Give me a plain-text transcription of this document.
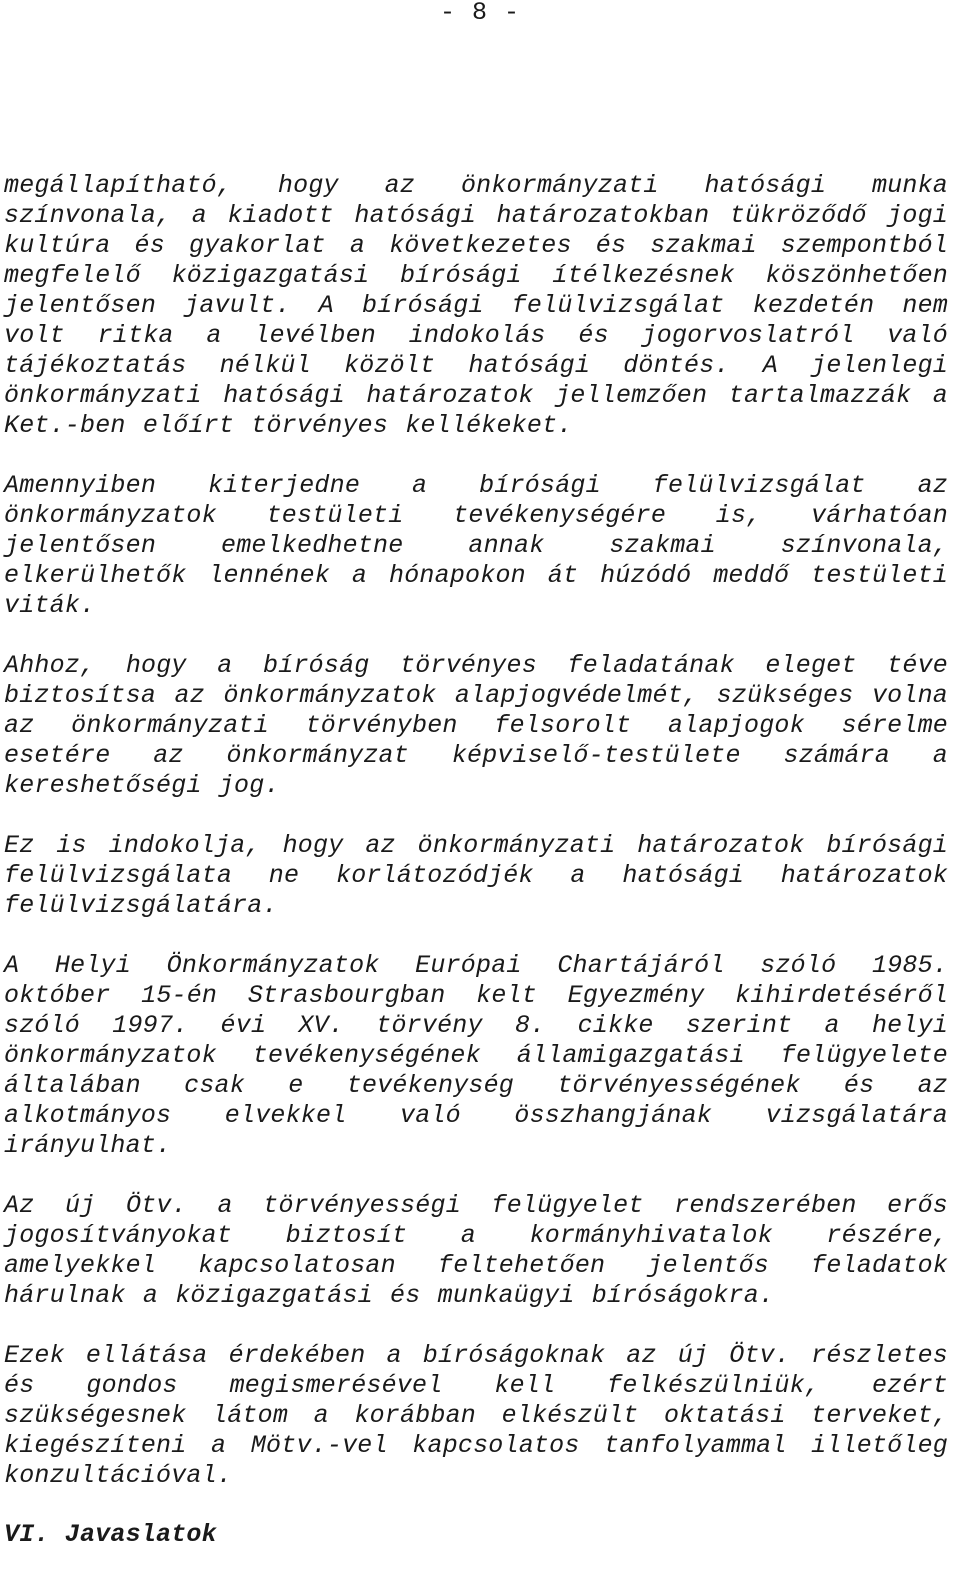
- 8 -

megállapítható, hogy az önkormányzati hatósági munka színvonala, a kiadott hatósági határozatokban tükröződő jogi kultúra és gyakorlat a következetes és szakmai szempontból megfelelő közigazgatási bírósági ítélkezésnek köszönhetően jelentősen javult. A bírósági felülvizsgálat kezdetén nem volt ritka a levélben indokolás és jogorvoslatról való tájékoztatás nélkül közölt hatósági döntés. A jelenlegi önkormányzati hatósági határozatok jellemzően tartalmazzák a Ket.-ben előírt törvényes kellékeket.

Amennyiben kiterjedne a bírósági felülvizsgálat az önkormányzatok testületi tevékenységére is, várhatóan jelentősen emelkedhetne annak szakmai színvonala, elkerülhetők lennének a hónapokon át húzódó meddő testületi viták.

Ahhoz, hogy a bíróság törvényes feladatának eleget téve biztosítsa az önkormányzatok alapjogvédelmét, szükséges volna az önkormányzati törvényben felsorolt alapjogok sérelme esetére az önkormányzat képviselő-testülete számára a kereshetőségi jog.

Ez is indokolja, hogy az önkormányzati határozatok bírósági felülvizsgálata ne korlátozódjék a hatósági határozatok felülvizsgálatára.

A Helyi Önkormányzatok Európai Chartájáról szóló 1985. október 15-én Strasbourgban kelt Egyezmény kihirdetéséről szóló 1997. évi XV. törvény 8. cikke szerint a helyi önkormányzatok tevékenységének államigazgatási felügyelete általában csak e tevékenység törvényességének és az alkotmányos elvekkel való összhangjának vizsgálatára irányulhat.

Az új Ötv. a törvényességi felügyelet rendszerében erős jogosítványokat biztosít a kormányhivatalok részére, amelyekkel kapcsolatosan feltehetően jelentős feladatok hárulnak a közigazgatási és munkaügyi bíróságokra.

Ezek ellátása érdekében a bíróságoknak az új Ötv. részletes és gondos megismerésével kell felkészülniük, ezért szükségesnek látom a korábban elkészült oktatási terveket, kiegészíteni a Mötv.-vel kapcsolatos tanfolyammal illetőleg konzultációval.

VI. Javaslatok
